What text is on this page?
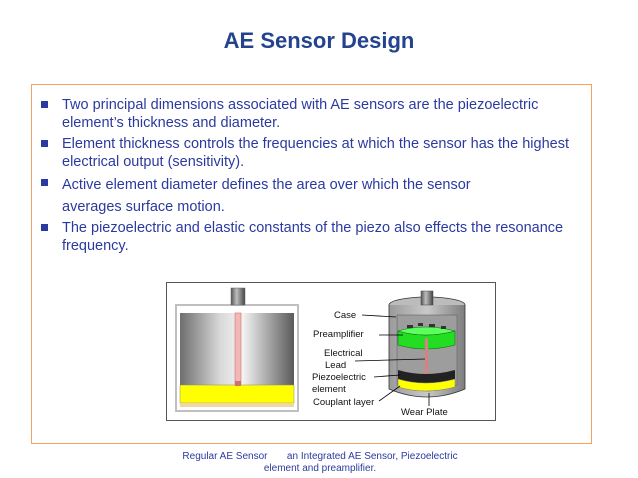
AE Sensor Design
Two principal dimensions associated with AE sensors are the piezoelectric element’s thickness and diameter.
Element thickness controls the frequencies at which the sensor has the highest electrical output (sensitivity).
Active element diameter defines the area over which the sensor
averages surface motion.
The piezoelectric and elastic constants of the piezo also effects the resonance frequency.
Case
Preamplifier
Electrical
Lead
Piezoelectric
element
Couplant layer
Wear Plate
Regular AE Sensor       an Integrated AE Sensor, Piezoelectric
element and preamplifier.
